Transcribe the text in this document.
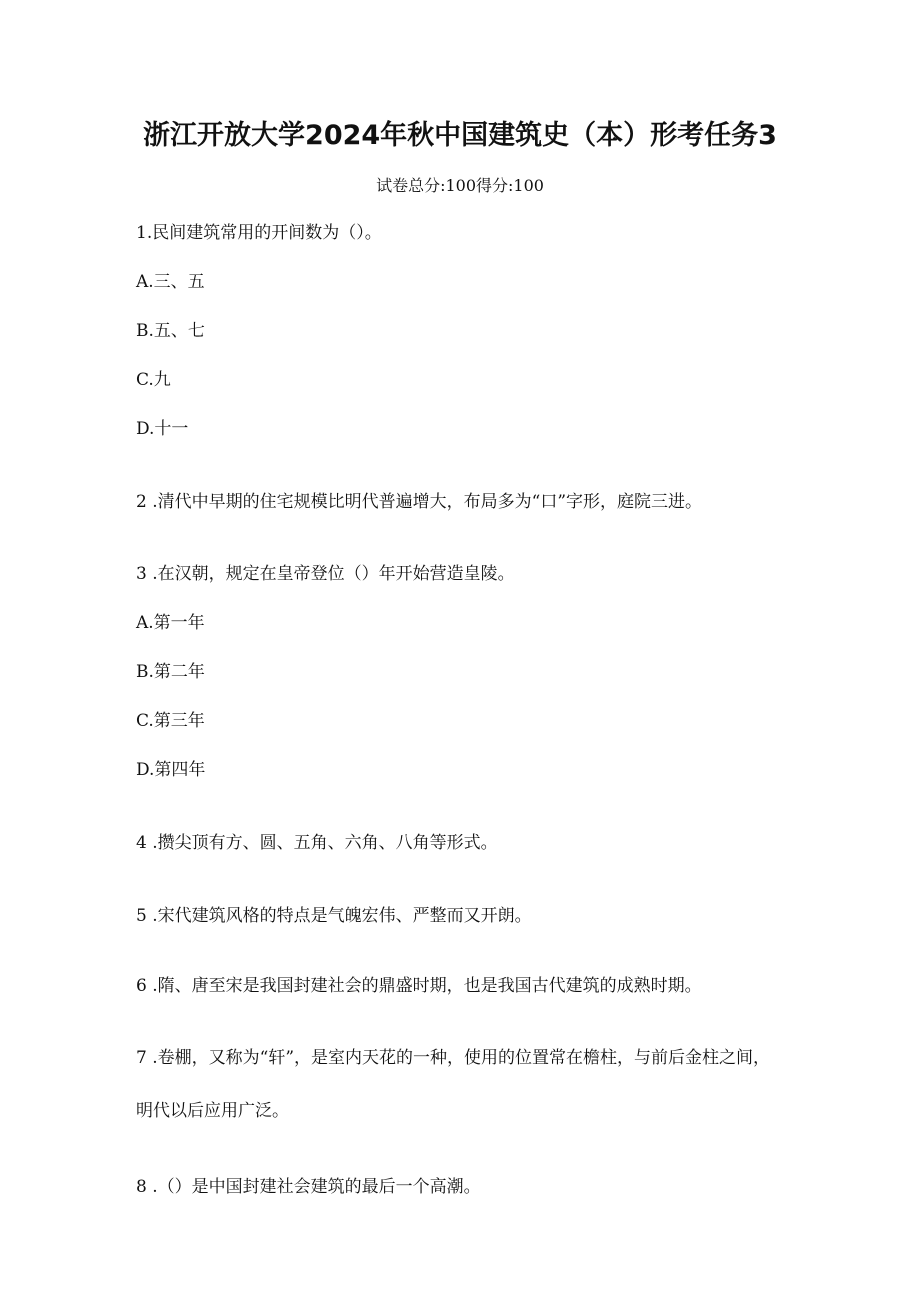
浙江开放大学2024年秋中国建筑史（本）形考任务3
试卷总分:100得分:100
1.民间建筑常用的开间数为（）。
A.三、五
B.五、七
C.九
D.十一
2 .清代中早期的住宅规模比明代普遍增大，布局多为“口”字形，庭院三进。
3 .在汉朝，规定在皇帝登位（）年开始营造皇陵。
A.第一年
B.第二年
C.第三年
D.第四年
4 .攒尖顶有方、圆、五角、六角、八角等形式。
5 .宋代建筑风格的特点是气魄宏伟、严整而又开朗。
6 .隋、唐至宋是我国封建社会的鼎盛时期，也是我国古代建筑的成熟时期。
7 .卷棚，又称为“轩”，是室内天花的一种，使用的位置常在檐柱，与前后金柱之间，明代以后应用广泛。
8 .（）是中国封建社会建筑的最后一个高潮。
